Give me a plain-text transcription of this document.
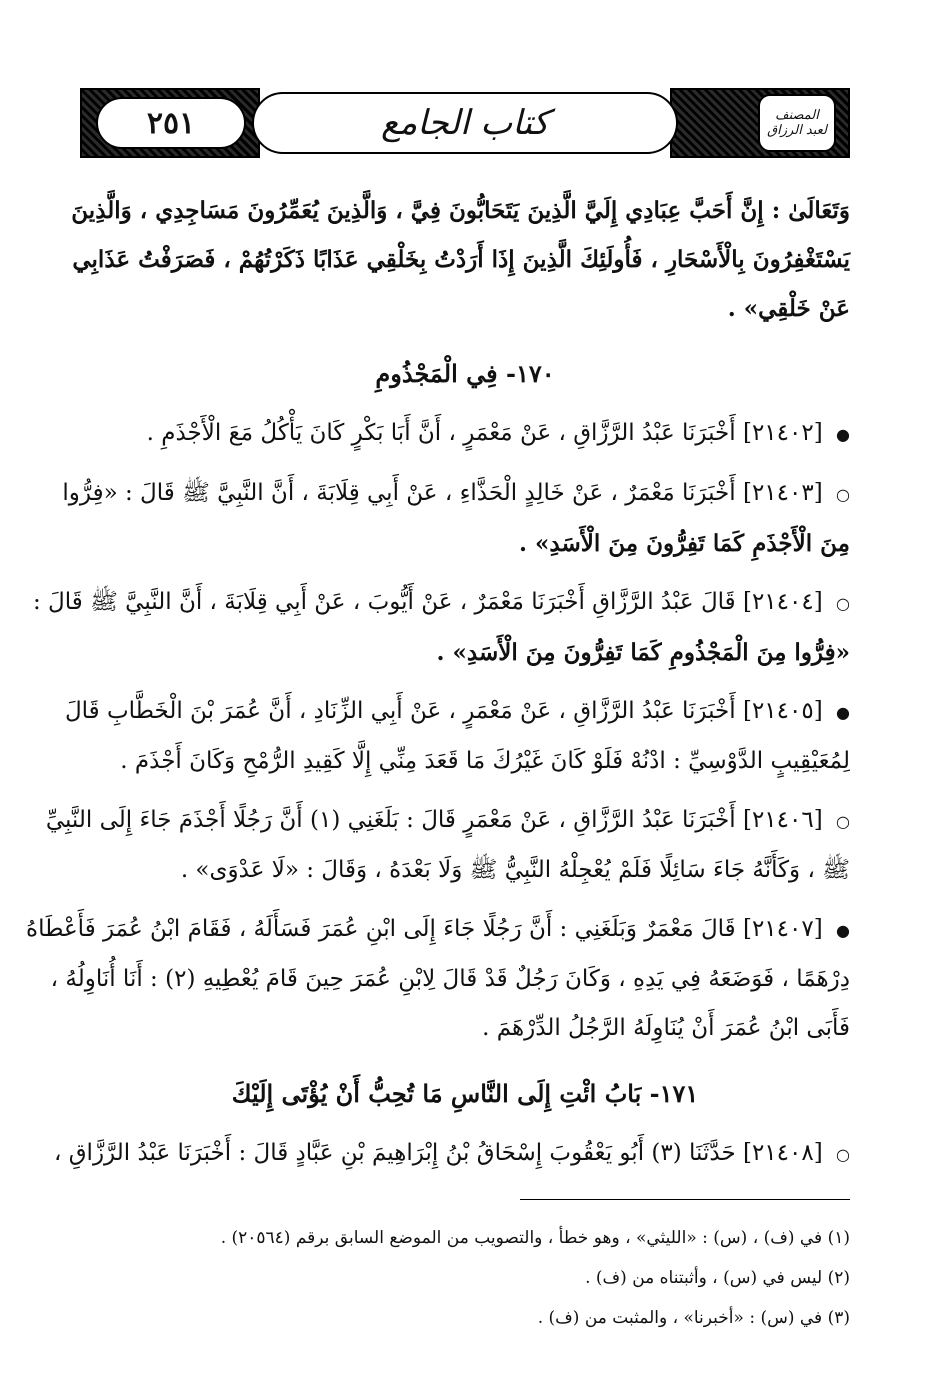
كتاب الجامع
٢٥١	المصنف
لعبد الرزاق
وَتَعَالَىٰ : إِنَّ أَحَبَّ عِبَادِي إِلَيَّ الَّذِينَ يَتَحَابُّونَ فِيَّ ، وَالَّذِينَ يُعَمِّرُونَ مَسَاجِدِي ، وَالَّذِينَ
يَسْتَغْفِرُونَ بِالْأَسْحَارِ ، فَأُولَئِكَ الَّذِينَ إِذَا أَرَدْتُ بِخَلْقِي عَذَابًا ذَكَرْتُهُمْ ، فَصَرَفْتُ عَذَابِي
عَنْ خَلْقِي» .
١٧٠- فِي الْمَجْذُومِ
● [٢١٤٠٢] أَخْبَرَنَا عَبْدُ الرَّزَّاقِ ، عَنْ مَعْمَرٍ ، أَنَّ أَبَا بَكْرٍ كَانَ يَأْكُلُ مَعَ الْأَجْذَمِ .
○ [٢١٤٠٣] أَخْبَرَنَا مَعْمَرٌ ، عَنْ خَالِدٍ الْحَذَّاءِ ، عَنْ أَبِي قِلَابَةَ ، أَنَّ النَّبِيَّ ﷺ قَالَ : «فِرُّوا
مِنَ الْأَجْذَمِ كَمَا تَفِرُّونَ مِنَ الْأَسَدِ» .
○ [٢١٤٠٤] قَالَ عَبْدُ الرَّزَّاقِ أَخْبَرَنَا مَعْمَرٌ ، عَنْ أَيُّوبَ ، عَنْ أَبِي قِلَابَةَ ، أَنَّ النَّبِيَّ ﷺ قَالَ :
«فِرُّوا مِنَ الْمَجْذُومِ كَمَا تَفِرُّونَ مِنَ الْأَسَدِ» .
● [٢١٤٠٥] أَخْبَرَنَا عَبْدُ الرَّزَّاقِ ، عَنْ مَعْمَرٍ ، عَنْ أَبِي الزِّنَادِ ، أَنَّ عُمَرَ بْنَ الْخَطَّابِ قَالَ
لِمُعَيْقِيبٍ الدَّوْسِيِّ : ادْنُهْ فَلَوْ كَانَ غَيْرُكَ مَا قَعَدَ مِنِّي إِلَّا كَقِيدِ الرُّمْحِ وَكَانَ أَجْذَمَ .
○ [٢١٤٠٦] أَخْبَرَنَا عَبْدُ الرَّزَّاقِ ، عَنْ مَعْمَرٍ قَالَ : بَلَغَنِي (١) أَنَّ رَجُلًا أَجْذَمَ جَاءَ إِلَى النَّبِيِّ
ﷺ ، وَكَأَنَّهُ جَاءَ سَائِلًا فَلَمْ يُعْجِلْهُ النَّبِيُّ ﷺ وَلَا بَعْدَهُ ، وَقَالَ : «لَا عَدْوَى» .
● [٢١٤٠٧] قَالَ مَعْمَرٌ وَبَلَغَنِي : أَنَّ رَجُلًا جَاءَ إِلَى ابْنِ عُمَرَ فَسَأَلَهُ ، فَقَامَ ابْنُ عُمَرَ فَأَعْطَاهُ
دِرْهَمًا ، فَوَضَعَهُ فِي يَدِهِ ، وَكَانَ رَجُلٌ قَدْ قَالَ لِابْنِ عُمَرَ حِينَ قَامَ يُعْطِيهِ (٢) : أَنَا أُنَاوِلُهُ ،
فَأَبَى ابْنُ عُمَرَ أَنْ يُنَاوِلَهُ الرَّجُلُ الدِّرْهَمَ .
١٧١- بَابُ ائْتِ إِلَى النَّاسِ مَا تُحِبُّ أَنْ يُؤْتَى إِلَيْكَ
○ [٢١٤٠٨] حَدَّثَنَا (٣) أَبُو يَعْقُوبَ إِسْحَاقُ بْنُ إِبْرَاهِيمَ بْنِ عَبَّادٍ قَالَ : أَخْبَرَنَا عَبْدُ الرَّزَّاقِ ،
(١) في (ف) ، (س) : «الليثي» ، وهو خطأ ، والتصويب من الموضع السابق برقم (٢٠٥٦٤) .
(٢) ليس في (س) ، وأثبتناه من (ف) .
(٣) في (س) : «أخبرنا» ، والمثبت من (ف) .
